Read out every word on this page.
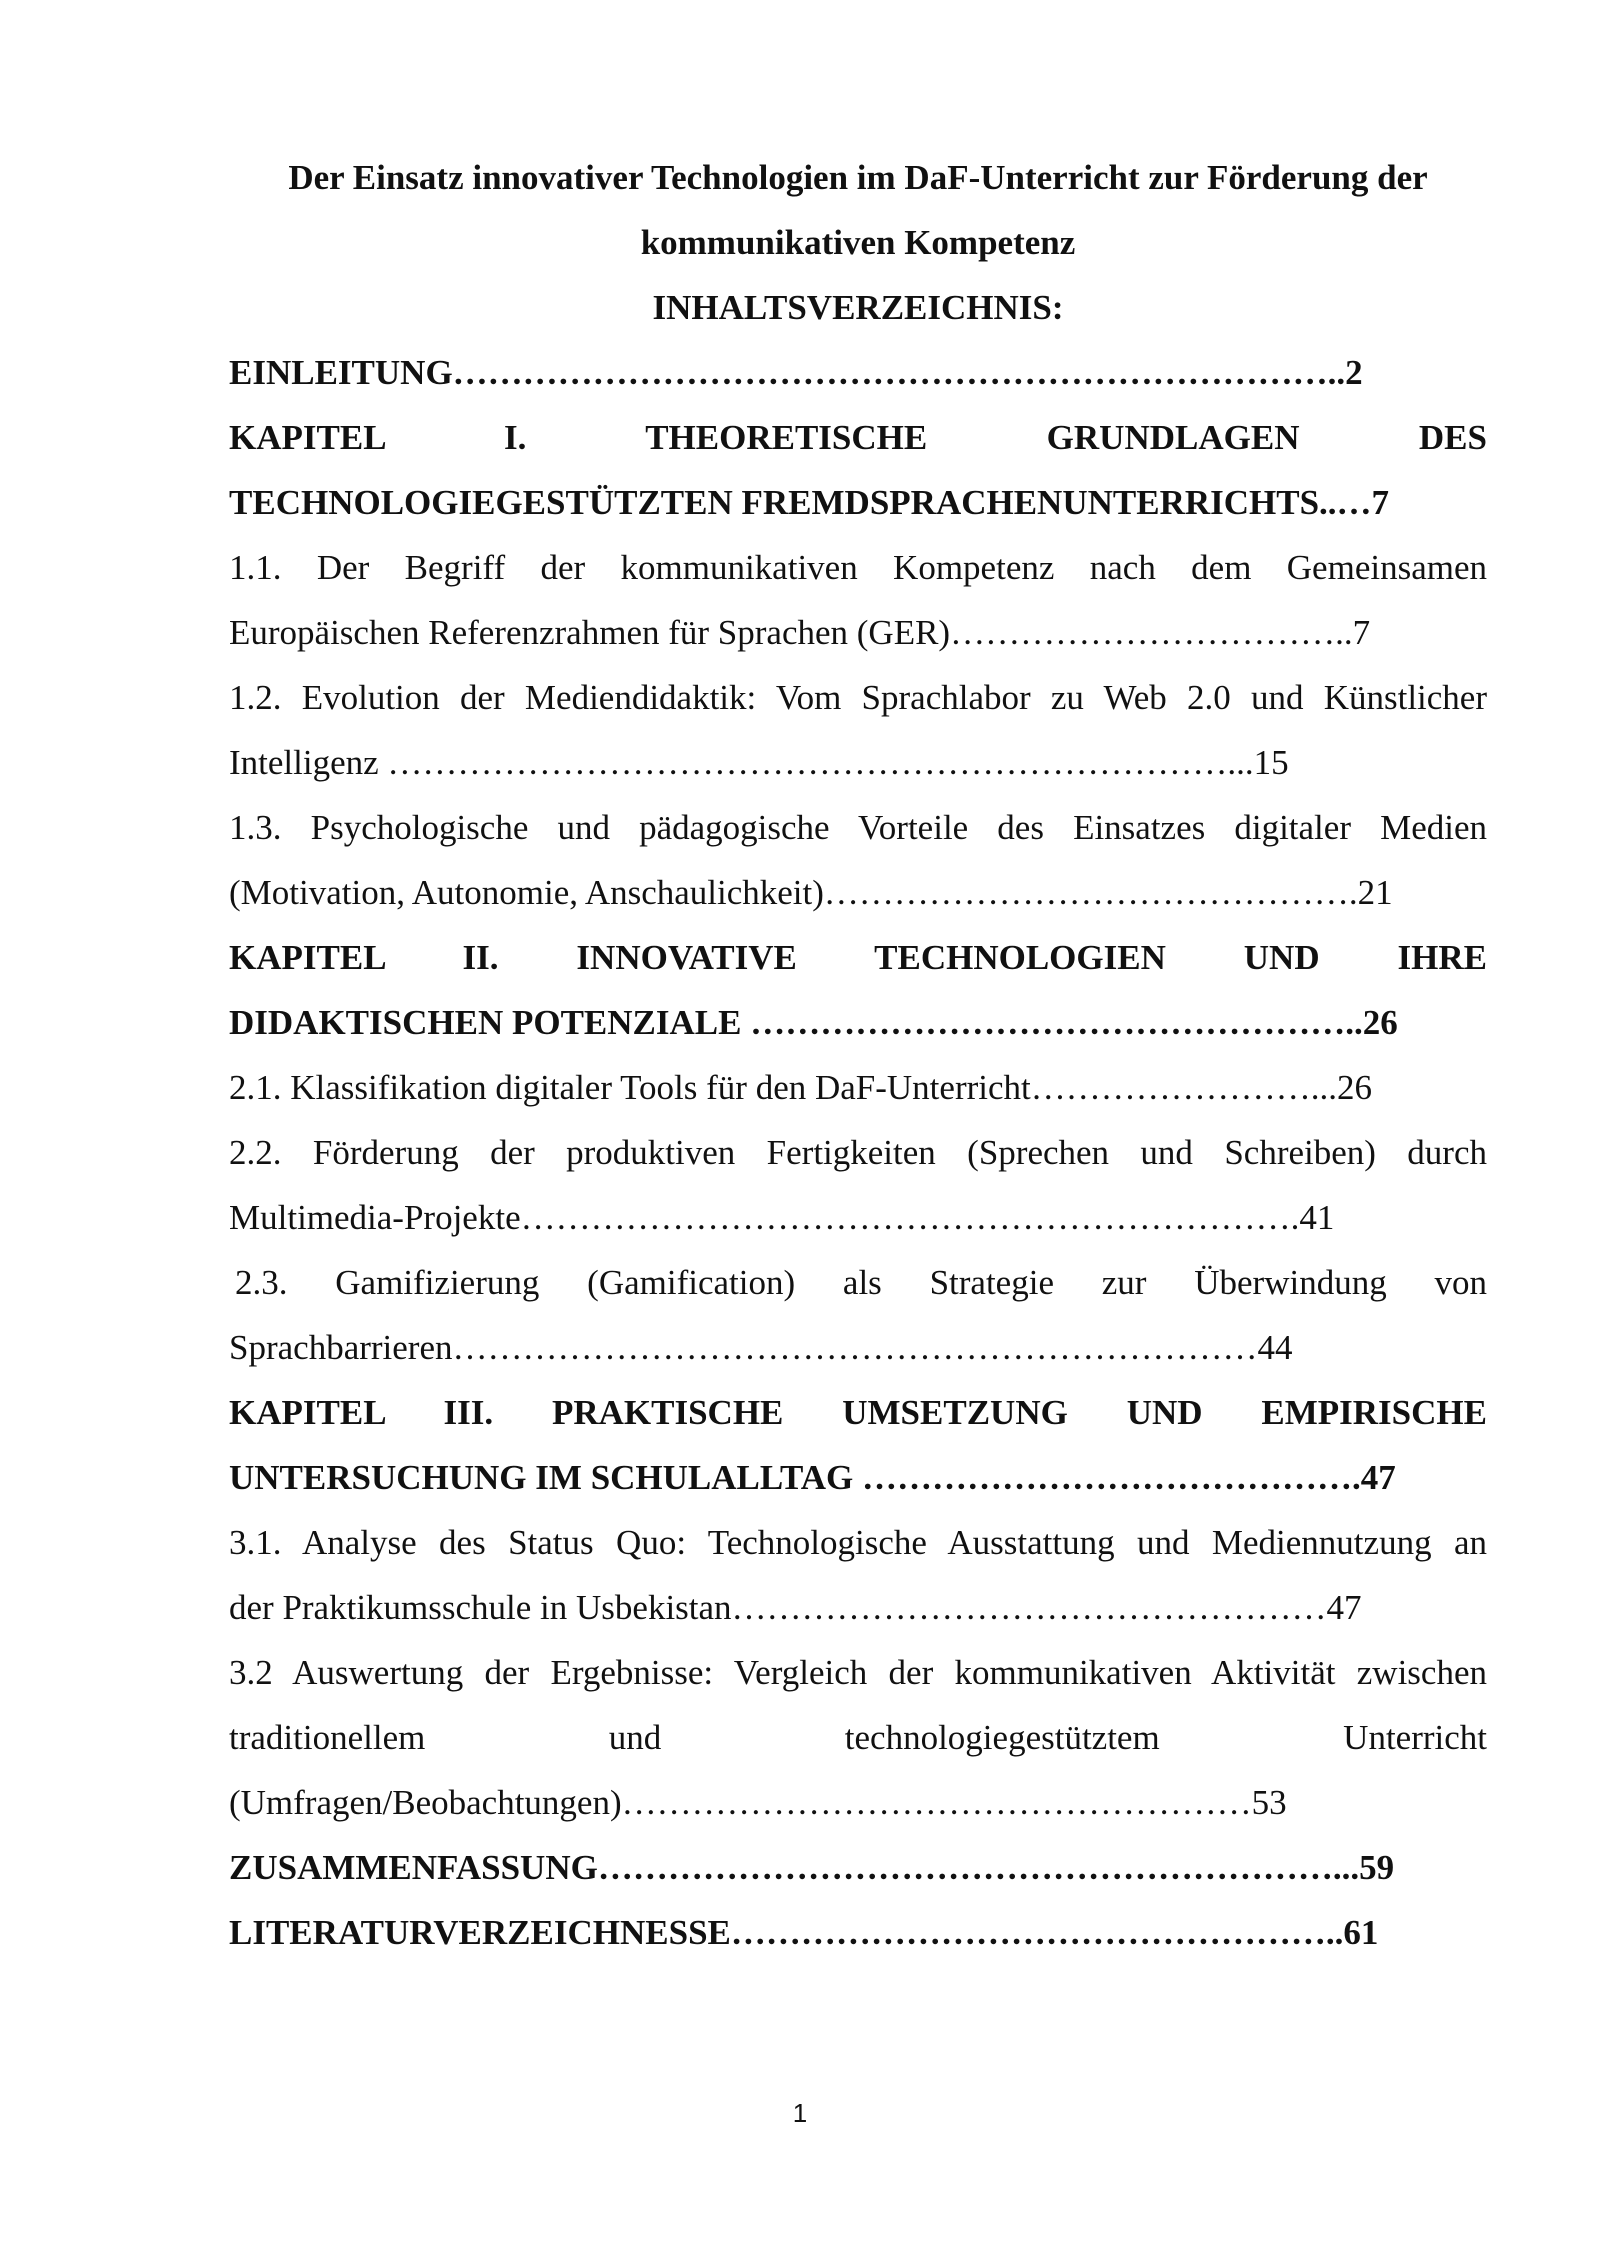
Der Einsatz innovativer Technologien im DaF-Unterricht zur Förderung der
kommunikativen Kompetenz
INHALTSVERZEICHNIS:
EINLEITUNG…………………………………………………………………..2
KAPITEL I. THEORETISCHE GRUNDLAGEN DES
TECHNOLOGIEGESTÜTZTEN FREMDSPRACHENUNTERRICHTS..…7
1.1. Der Begriff der kommunikativen Kompetenz nach dem Gemeinsamen
Europäischen Referenzrahmen für Sprachen (GER)……………………………..7
1.2. Evolution der Mediendidaktik: Vom Sprachlabor zu Web 2.0 und Künstlicher
Intelligenz ………………………………………………………………...15
1.3. Psychologische und pädagogische Vorteile des Einsatzes digitaler Medien
(Motivation, Autonomie, Anschaulichkeit)……………………………………….21
KAPITEL II. INNOVATIVE TECHNOLOGIEN UND IHRE
DIDAKTISCHEN POTENZIALE ……………………………………………..26
2.1. Klassifikation digitaler Tools für den DaF-Unterricht……………………...26
2.2. Förderung der produktiven Fertigkeiten (Sprechen und Schreiben) durch
Multimedia-Projekte………………………………………………………….41
2.3. Gamifizierung (Gamification) als Strategie zur Überwindung von
Sprachbarrieren……………………………………………………………44
KAPITEL III. PRAKTISCHE UMSETZUNG UND EMPIRISCHE
UNTERSUCHUNG IM SCHULALLTAG …………………………………….47
3.1. Analyse des Status Quo: Technologische Ausstattung und Mediennutzung an
der Praktikumsschule in Usbekistan……………………………………………47
3.2 Auswertung der Ergebnisse: Vergleich der kommunikativen Aktivität zwischen
traditionellem und technologiegestütztem Unterricht
(Umfragen/Beobachtungen)………………………………………………53
ZUSAMMENFASSUNG………………………………………………………...59
LITERATURVERZEICHNESSE……………………………………………..61
1
